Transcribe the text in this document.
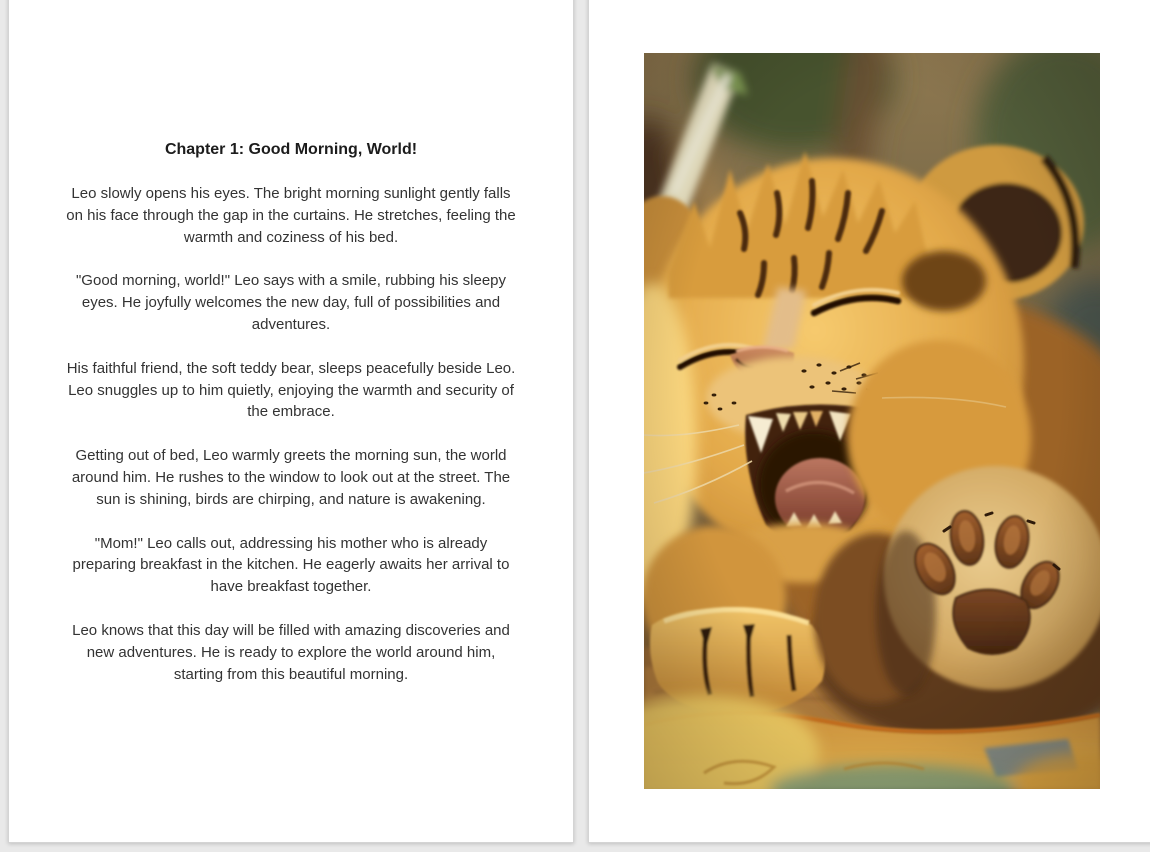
Chapter 1: Good Morning, World!

Leo slowly opens his eyes. The bright morning sunlight gently falls on his face through the gap in the curtains. He stretches, feeling the warmth and coziness of his bed.

"Good morning, world!" Leo says with a smile, rubbing his sleepy eyes. He joyfully welcomes the new day, full of possibilities and adventures.

His faithful friend, the soft teddy bear, sleeps peacefully beside Leo. Leo snuggles up to him quietly, enjoying the warmth and security of the embrace.

Getting out of bed, Leo warmly greets the morning sun, the world around him. He rushes to the window to look out at the street. The sun is shining, birds are chirping, and nature is awakening.

"Mom!" Leo calls out, addressing his mother who is already preparing breakfast in the kitchen. He eagerly awaits her arrival to have breakfast together.

Leo knows that this day will be filled with amazing discoveries and new adventures. He is ready to explore the world around him, starting from this beautiful morning.
